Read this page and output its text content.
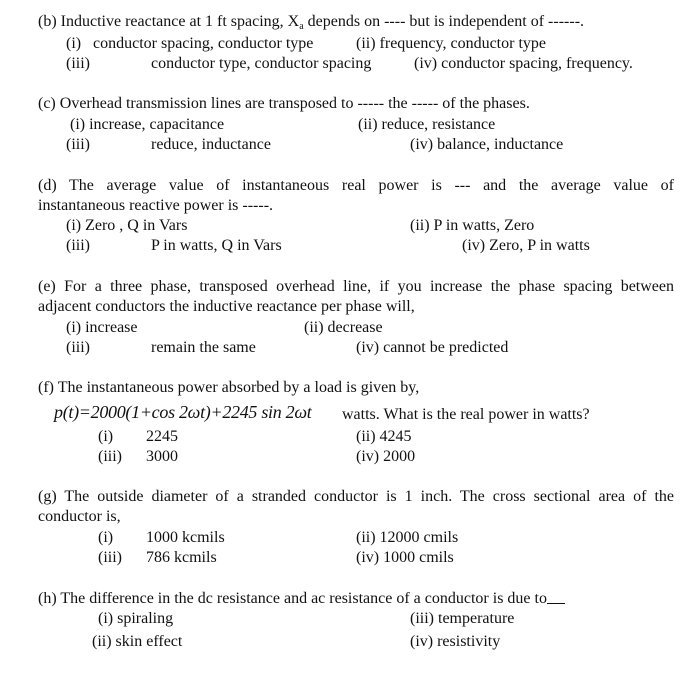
(b) Inductive reactance at 1 ft spacing, $X_a$ depends on ---- but is independent of ------.
(i) conductor spacing, conductor type	(ii) frequency, conductor type
(iii)	conductor type, conductor spacing	(iv) conductor spacing, frequency.
(c) Overhead transmission lines are transposed to ----- the ----- of the phases.
(i) increase, capacitance	(ii) reduce, resistance
(iii)	reduce, inductance	(iv) balance, inductance
(d) The average value of instantaneous real power is --- and the average value of
instantaneous reactive power is -----.
(i) Zero , Q in Vars	(ii) P in watts, Zero
(iii)	P in watts, Q in Vars	(iv) Zero, P in watts
(e) For a three phase, transposed overhead line, if you increase the phase spacing between
adjacent conductors the inductive reactance per phase will,
(i) increase	(ii) decrease
(iii)	remain the same	(iv) cannot be predicted
(f) The instantaneous power absorbed by a load is given by,
p(t)=2000(1+cos 2ωt)+2245 sin 2ωt watts. What is the real power in watts?
(i) 2245	(ii) 4245
(iii) 3000	(iv) 2000
(g) The outside diameter of a stranded conductor is 1 inch. The cross sectional area of the
conductor is,
(i) 1000 kcmils	(ii) 12000 cmils
(iii) 786 kcmils	(iv) 1000 cmils
(h) The difference in the dc resistance and ac resistance of a conductor is due to
(i) spiraling	(iii) temperature
(ii) skin effect	(iv) resistivity
